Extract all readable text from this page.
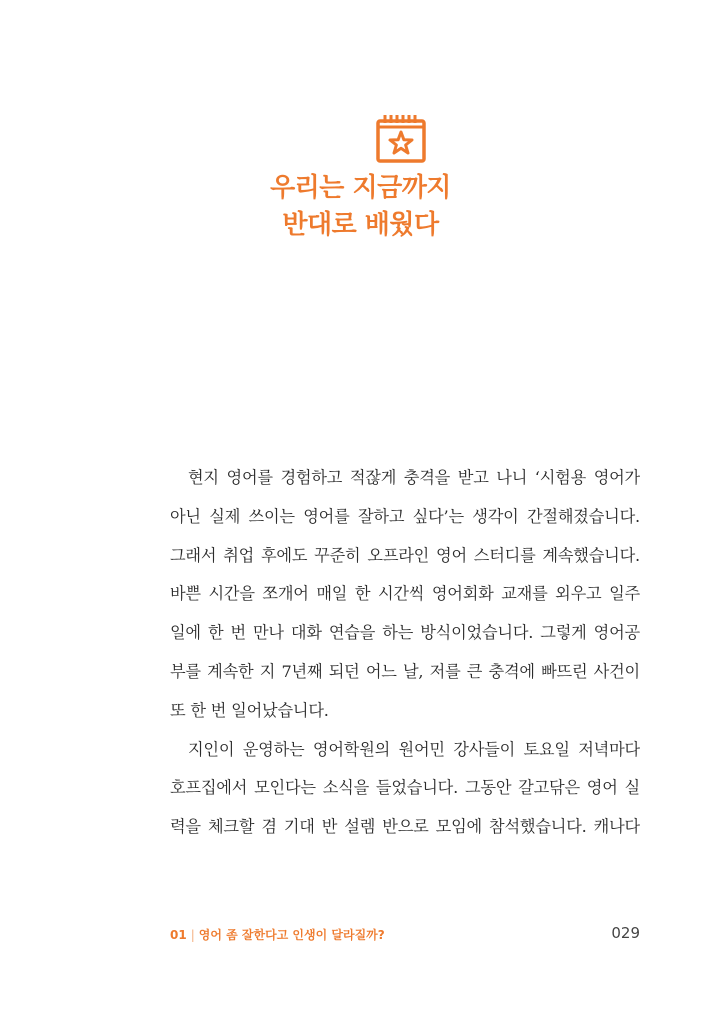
우리는 지금까지
반대로 배웠다

현지 영어를 경험하고 적잖게 충격을 받고 나니 ‘시험용 영어가
아닌 실제 쓰이는 영어를 잘하고 싶다’는 생각이 간절해졌습니다.
그래서 취업 후에도 꾸준히 오프라인 영어 스터디를 계속했습니다.
바쁜 시간을 쪼개어 매일 한 시간씩 영어회화 교재를 외우고 일주
일에 한 번 만나 대화 연습을 하는 방식이었습니다. 그렇게 영어공
부를 계속한 지 7년째 되던 어느 날, 저를 큰 충격에 빠뜨린 사건이
또 한 번 일어났습니다.

지인이 운영하는 영어학원의 원어민 강사들이 토요일 저녁마다
호프집에서 모인다는 소식을 들었습니다. 그동안 갈고닦은 영어 실
력을 체크할 겸 기대 반 설렘 반으로 모임에 참석했습니다. 캐나다

01 | 영어 좀 잘한다고 인생이 달라질까?	029
